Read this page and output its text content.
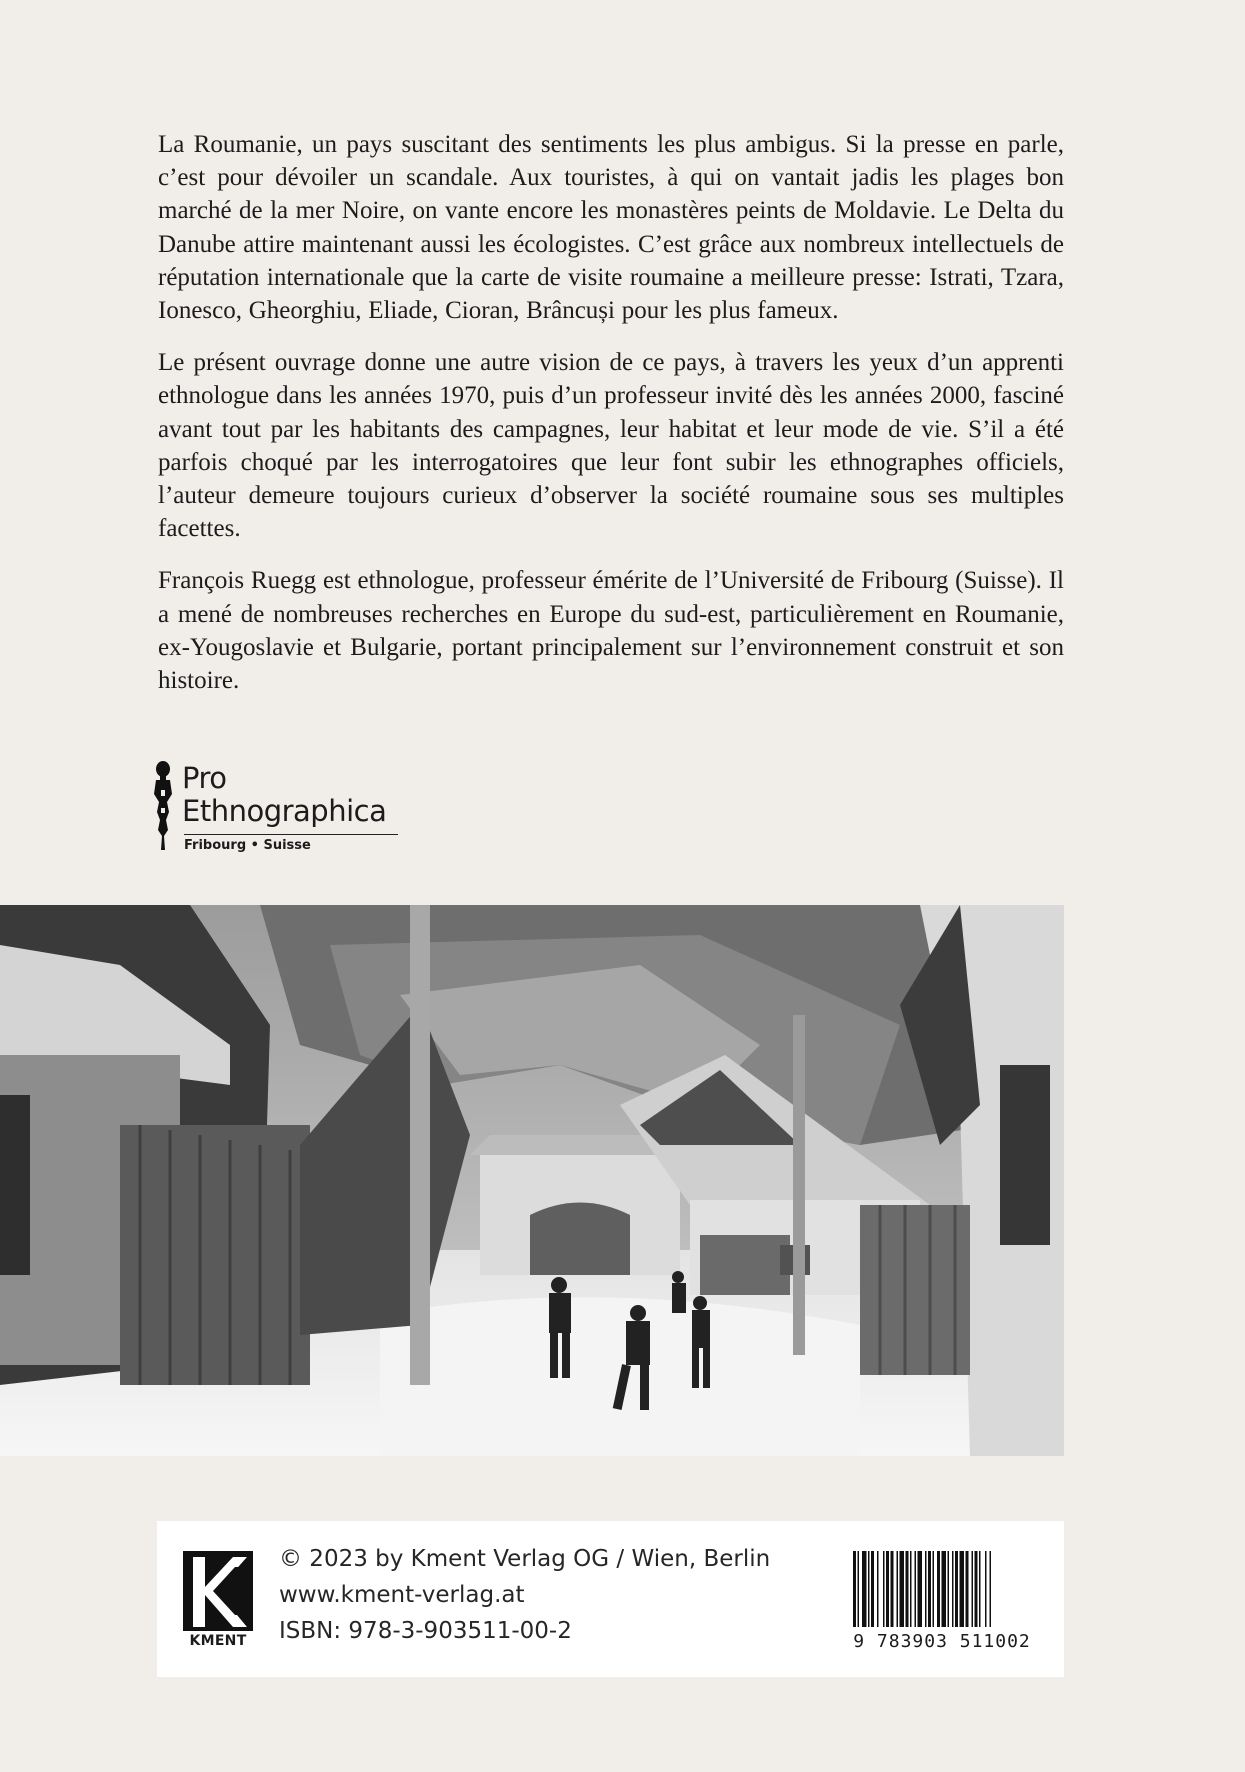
La Roumanie, un pays suscitant des sentiments les plus ambigus. Si la presse en parle, c’est pour dévoiler un scandale. Aux touristes, à qui on vantait jadis les plages bon marché de la mer Noire, on vante encore les monastères peints de Moldavie. Le Delta du Danube attire maintenant aussi les écologistes. C’est grâce aux nombreux intellectuels de réputation internationale que la carte de visite roumaine a meilleure presse: Istrati, Tzara, Ionesco, Gheorghiu, Eliade, Cioran, Brâncuși pour les plus fameux.

Le présent ouvrage donne une autre vision de ce pays, à travers les yeux d’un apprenti ethnologue dans les années 1970, puis d’un professeur invité dès les années 2000, fasciné avant tout par les habitants des campagnes, leur habitat et leur mode de vie. S’il a été parfois choqué par les interrogatoires que leur font subir les ethnographes officiels, l’auteur demeure toujours curieux d’observer la société roumaine sous ses multiples facettes.

François Ruegg est ethnologue, professeur émérite de l’Université de Fribourg (Suisse). Il a mené de nombreuses recherches en Europe du sud-est, particulièrement en Roumanie, ex-Yougoslavie et Bulgarie, portant principalement sur l’environnement construit et son histoire.

Pro
Ethnographica
Fribourg • Suisse
KMENT
© 2023 by Kment Verlag OG / Wien, Berlin
www.kment-verlag.at
ISBN: 978-3-903511-00-2	9 783903 511002
